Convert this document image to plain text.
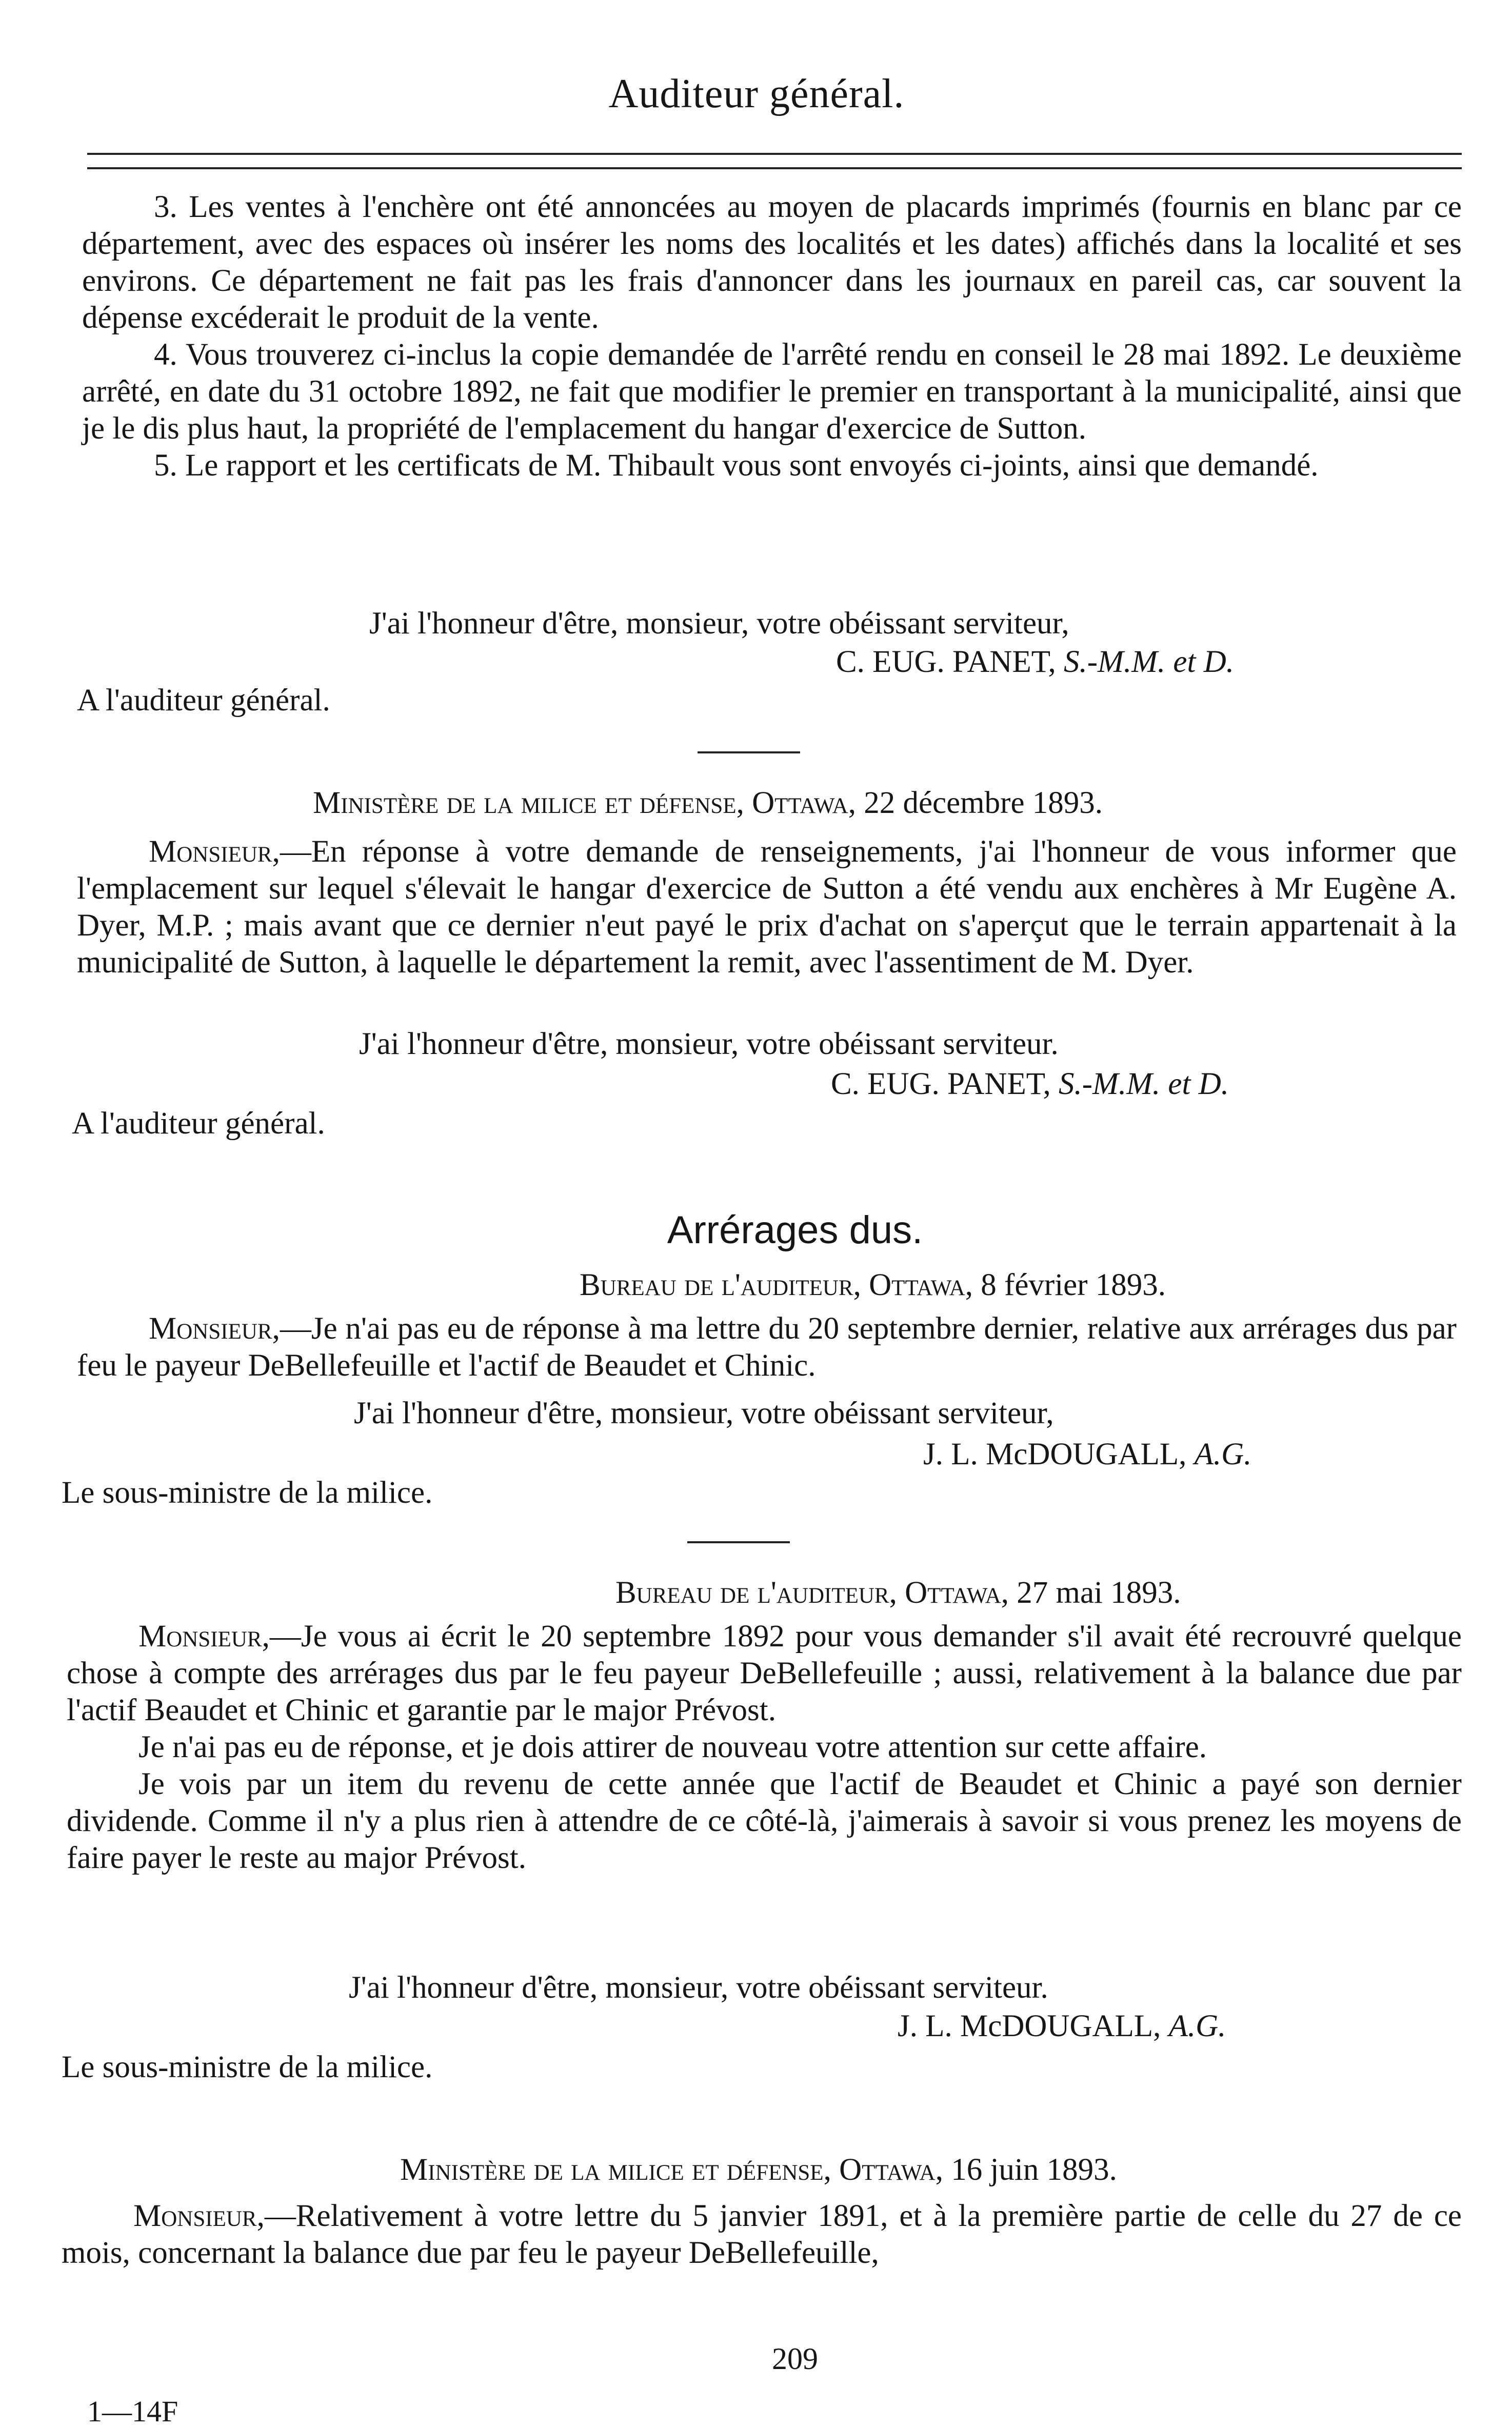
Auditeur général.

3. Les ventes à l'enchère ont été annoncées au moyen de placards imprimés (fournis en blanc par ce département, avec des espaces où insérer les noms des localités et les dates) affichés dans la localité et ses environs. Ce département ne fait pas les frais d'annoncer dans les journaux en pareil cas, car souvent la dépense excéderait le produit de la vente.

4. Vous trouverez ci-inclus la copie demandée de l'arrêté rendu en conseil le 28 mai 1892. Le deuxième arrêté, en date du 31 octobre 1892, ne fait que modifier le premier en transportant à la municipalité, ainsi que je le dis plus haut, la propriété de l'emplacement du hangar d'exercice de Sutton.

5. Le rapport et les certificats de M. Thibault vous sont envoyés ci-joints, ainsi que demandé.

J'ai l'honneur d'être, monsieur, votre obéissant serviteur,
C. EUG. PANET, S.-M.M. et D.
A l'auditeur général.
Ministère de la milice et défense, Ottawa, 22 décembre 1893.

Monsieur,—En réponse à votre demande de renseignements, j'ai l'honneur de vous informer que l'emplacement sur lequel s'élevait le hangar d'exercice de Sutton a été vendu aux enchères à Mr Eugène A. Dyer, M.P. ; mais avant que ce dernier n'eut payé le prix d'achat on s'aperçut que le terrain appartenait à la municipalité de Sutton, à laquelle le département la remit, avec l'assentiment de M. Dyer.

J'ai l'honneur d'être, monsieur, votre obéissant serviteur.
C. EUG. PANET, S.-M.M. et D.
A l'auditeur général.
Arrérages dus.
Bureau de l'auditeur, Ottawa, 8 février 1893.

Monsieur,—Je n'ai pas eu de réponse à ma lettre du 20 septembre dernier, relative aux arrérages dus par feu le payeur DeBellefeuille et l'actif de Beaudet et Chinic.

J'ai l'honneur d'être, monsieur, votre obéissant serviteur,
J. L. McDOUGALL, A.G.
Le sous-ministre de la milice.
Bureau de l'auditeur, Ottawa, 27 mai 1893.

Monsieur,—Je vous ai écrit le 20 septembre 1892 pour vous demander s'il avait été recrouvré quelque chose à compte des arrérages dus par le feu payeur DeBellefeuille ; aussi, relativement à la balance due par l'actif Beaudet et Chinic et garantie par le major Prévost.

Je n'ai pas eu de réponse, et je dois attirer de nouveau votre attention sur cette affaire.

Je vois par un item du revenu de cette année que l'actif de Beaudet et Chinic a payé son dernier dividende. Comme il n'y a plus rien à attendre de ce côté-là, j'aimerais à savoir si vous prenez les moyens de faire payer le reste au major Prévost.

J'ai l'honneur d'être, monsieur, votre obéissant serviteur.
J. L. McDOUGALL, A.G.
Le sous-ministre de la milice.
Ministère de la milice et défense, Ottawa, 16 juin 1893.

Monsieur,—Relativement à votre lettre du 5 janvier 1891, et à la première partie de celle du 27 de ce mois, concernant la balance due par feu le payeur DeBellefeuille,

209
1—14F
